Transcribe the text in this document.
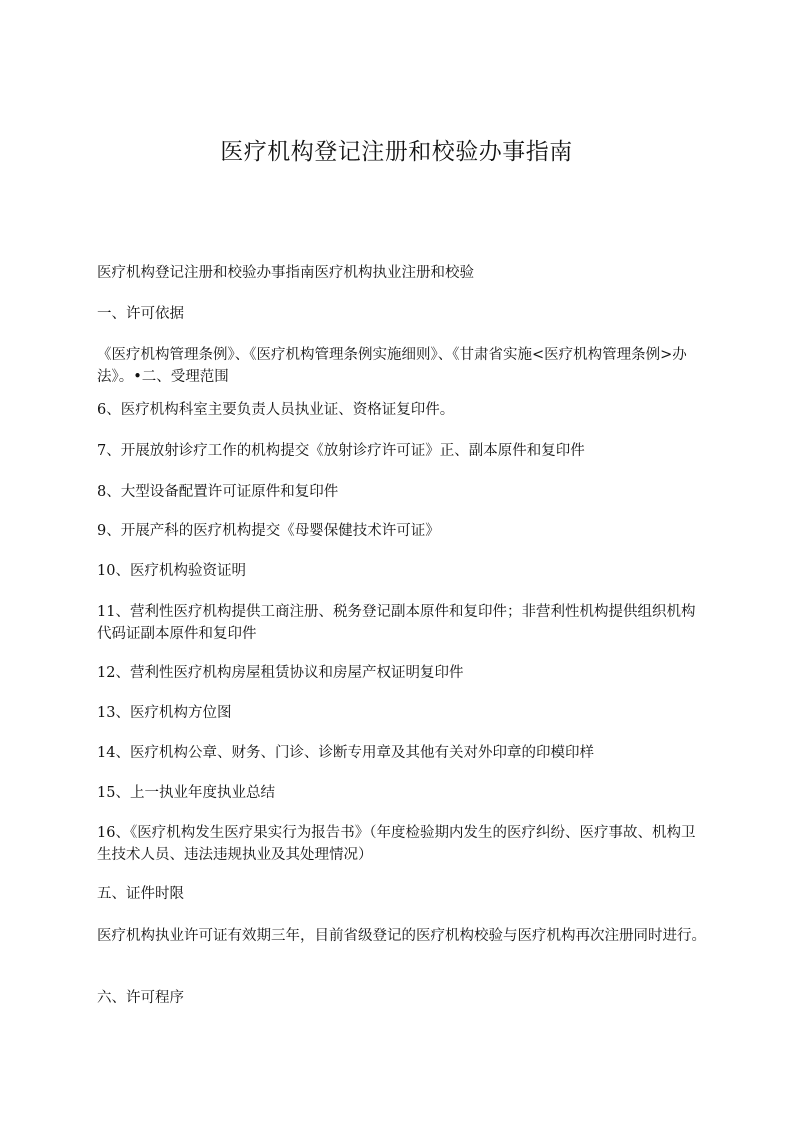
医疗机构登记注册和校验办事指南

医疗机构登记注册和校验办事指南医疗机构执业注册和校验

一、许可依据

《医疗机构管理条例》、《医疗机构管理条例实施细则》、《甘肃省实施<医疗机构管理条例>办法》。•二、受理范围

6、医疗机构科室主要负责人员执业证、资格证复印件。

7、开展放射诊疗工作的机构提交《放射诊疗许可证》正、副本原件和复印件

8、大型设备配置许可证原件和复印件

9、开展产科的医疗机构提交《母婴保健技术许可证》

10、医疗机构验资证明

11、营利性医疗机构提供工商注册、税务登记副本原件和复印件；非营利性机构提供组织机构代码证副本原件和复印件

12、营利性医疗机构房屋租赁协议和房屋产权证明复印件

13、医疗机构方位图

14、医疗机构公章、财务、门诊、诊断专用章及其他有关对外印章的印模印样

15、上一执业年度执业总结

16、《医疗机构发生医疗果实行为报告书》（年度检验期内发生的医疗纠纷、医疗事故、机构卫生技术人员、违法违规执业及其处理情况）

五、证件时限

医疗机构执业许可证有效期三年，目前省级登记的医疗机构校验与医疗机构再次注册同时进行。

六、许可程序
